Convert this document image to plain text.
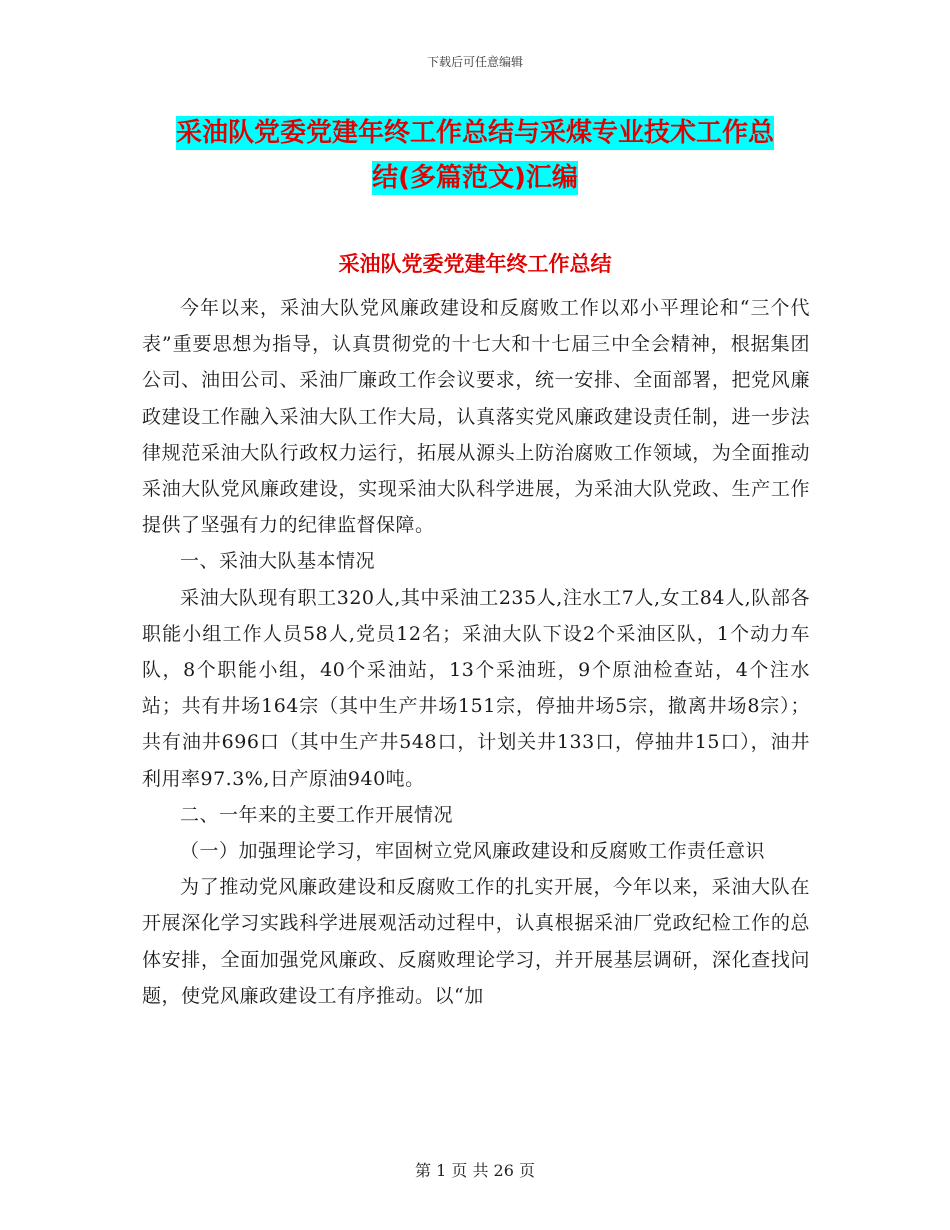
下载后可任意编辑
采油队党委党建年终工作总结与采煤专业技术工作总
结(多篇范文)汇编
采油队党委党建年终工作总结

今年以来，采油大队党风廉政建设和反腐败工作以邓小平理论和“三个代表”重要思想为指导，认真贯彻党的十七大和十七届三中全会精神，根据集团公司、油田公司、采油厂廉政工作会议要求，统一安排、全面部署，把党风廉政建设工作融入采油大队工作大局，认真落实党风廉政建设责任制，进一步法律规范采油大队行政权力运行，拓展从源头上防治腐败工作领域，为全面推动采油大队党风廉政建设，实现采油大队科学进展，为采油大队党政、生产工作提供了坚强有力的纪律监督保障。

一、采油大队基本情况

采油大队现有职工320人,其中采油工235人,注水工7人,女工84人,队部各职能小组工作人员58人,党员12名；采油大队下设2个采油区队，1个动力车队，8个职能小组，40个采油站，13个采油班，9个原油检查站，4个注水站；共有井场164宗（其中生产井场151宗，停抽井场5宗，撤离井场8宗）；共有油井696口（其中生产井548口，计划关井133口，停抽井15口），油井利用率97.3%,日产原油940吨。

二、一年来的主要工作开展情况

（一）加强理论学习，牢固树立党风廉政建设和反腐败工作责任意识

为了推动党风廉政建设和反腐败工作的扎实开展，今年以来，采油大队在开展深化学习实践科学进展观活动过程中，认真根据采油厂党政纪检工作的总体安排，全面加强党风廉政、反腐败理论学习，并开展基层调研，深化查找问题，使党风廉政建设工有序推动。以“加

第 1 页 共 26 页
